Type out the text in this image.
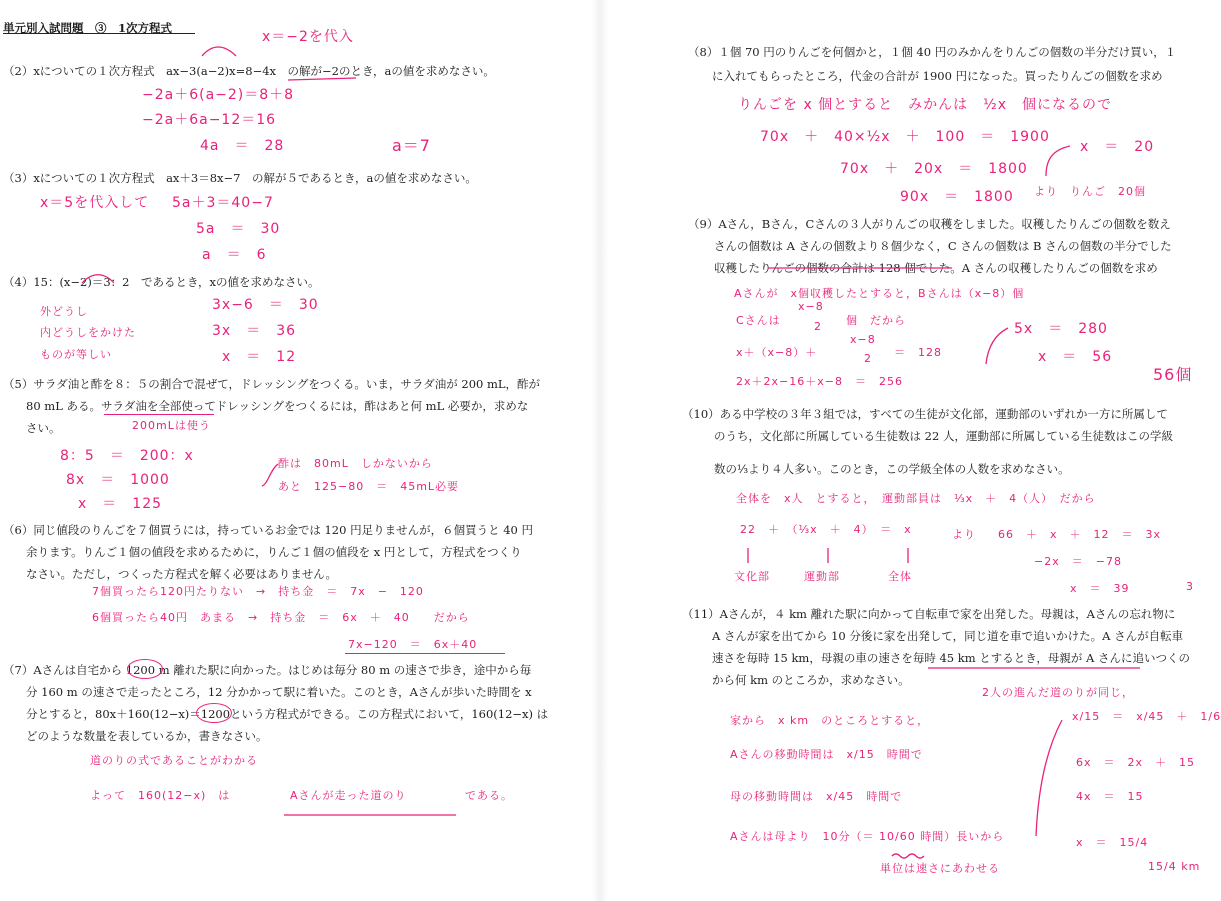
単元別入試問題　③　1次方程式
x＝−2を代入
（2）xについての１次方程式　ax−3(a−2)x=8−4x　の解が−2のとき，aの値を求めなさい。
−2a＋6(a−2)＝8＋8
−2a＋6a−12＝16
4a　＝　28	a＝7
（3）xについての１次方程式　ax＋3＝8x−7　の解が５であるとき，aの値を求めなさい。
x＝5を代入して 5a＋3＝40−7
5a　＝　30
a　＝　6
（4）15：(x−2)＝3：2　であるとき，xの値を求めなさい。
外どうし
内どうしをかけた
ものが等しい
3x−6　＝　30
3x　＝　36
x　＝　12
（5）サラダ油と酢を８：５の割合で混ぜて，ドレッシングをつくる。いま，サラダ油が 200 mL，酢が
80 mL ある。サラダ油を全部使ってドレッシングをつくるには，酢はあと何 mL 必要か，求めな
さい。	200mLは使う
8：5　＝　200：x
8x　＝　1000
x　＝　125
酢は　80mL　しかないから
あと　125−80　＝　45mL必要
（6）同じ値段のりんごを７個買うには，持っているお金では 120 円足りませんが，６個買うと 40 円
余ります。りんご１個の値段を求めるために，りんご１個の値段を x 円として，方程式をつくり
なさい。ただし，つくった方程式を解く必要はありません。
7個買ったら120円たりない　→　持ち金　＝　7x　−　120
6個買ったら40円　あまる　→　持ち金　＝　6x　＋　40　　だから
7x−120　＝　6x＋40
（7）Aさんは自宅から 1200 m 離れた駅に向かった。はじめは毎分 80 m の速さで歩き，途中から毎
分 160 m の速さで走ったところ，12 分かかって駅に着いた。このとき，Aさんが歩いた時間を x
分とすると，80x＋160(12−x)＝1200という方程式ができる。この方程式において，160(12−x) は
どのような数量を表しているか，書きなさい。
道のりの式であることがわかる
よって　160(12−x)　は	Aさんが走った道のり	である。
（8）１個 70 円のりんごを何個かと，１個 40 円のみかんをりんごの個数の半分だけ買い，１
に入れてもらったところ，代金の合計が 1900 円になった。買ったりんごの個数を求め
りんごを x 個とすると　みかんは　½x　個になるので
70x　＋　40×½x　＋　100　＝　1900
70x　＋　20x　＝　1800
90x　＝　1800
x　＝　20
より　りんご　20個
（9）Aさん，Bさん，Cさんの３人がりんごの収穫をしました。収穫したりんごの個数を数え
さんの個数は A さんの個数より８個少なく，C さんの個数は B さんの個数の半分でした
収穫したりんごの個数の合計は 128 個でした。A さんの収穫したりんごの個数を求め
Aさんが　x個収穫したとすると，Bさんは（x−8）個
Cさんは
x−8
2 個　だから
x＋（x−8）＋
x−8
2 ＝　128
2x＋2x−16＋x−8　＝　256
5x　＝　280
x　＝　56
56個
（10）ある中学校の３年３組では，すべての生徒が文化部，運動部のいずれか一方に所属して
のうち，文化部に所属している生徒数は 22 人，運動部に所属している生徒数はこの学級
数の⅓より４人多い。このとき，この学級全体の人数を求めなさい。
全体を　x人　とすると，　運動部員は　⅓x　＋　4（人）　だから
22　＋　（⅓x　＋　4）　＝　x	より 66　＋　x　＋　12　＝　3x
−2x　＝　−78
x　＝　39	3
文化部	運動部	全体
（11）Aさんが，４ km 離れた駅に向かって自転車で家を出発した。母親は，Aさんの忘れ物に
A さんが家を出てから 10 分後に家を出発して，同じ道を車で追いかけた。A さんが自転車
速さを毎時 15 km，母親の車の速さを毎時 45 km とするとき，母親が A さんに追いつくの
から何 km のところか，求めなさい。
2人の進んだ道のりが同じ，
家から　x km　のところとすると，
Aさんの移動時間は　x/15　時間で
母の移動時間は　x/45　時間で
Aさんは母より　10分（＝ 10/60 時間）長いから
単位は速さにあわせる
x/15　＝　x/45　＋　1/6
6x　＝　2x　＋　15
4x　＝　15
x　＝　15/4
15/4 km
